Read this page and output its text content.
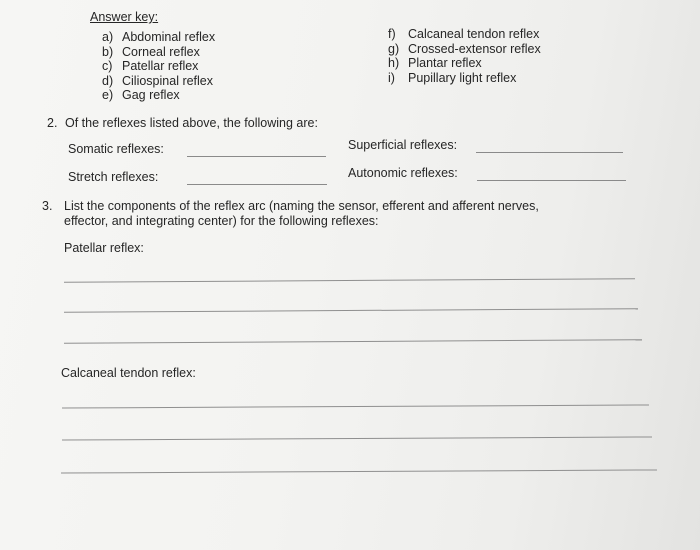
Answer key:
a) Abdominal reflex
b) Corneal reflex
c) Patellar reflex
d) Ciliospinal reflex
e) Gag reflex
f) Calcaneal tendon reflex
g) Crossed-extensor reflex
h) Plantar reflex
i) Pupillary light reflex
2. Of the reflexes listed above, the following are:
Somatic reflexes:	Superficial reflexes:
Stretch reflexes:	Autonomic reflexes:
3. List the components of the reflex arc (naming the sensor, efferent and afferent nerves,
effector, and integrating center) for the following reflexes:
Patellar reflex:
Calcaneal tendon reflex:
